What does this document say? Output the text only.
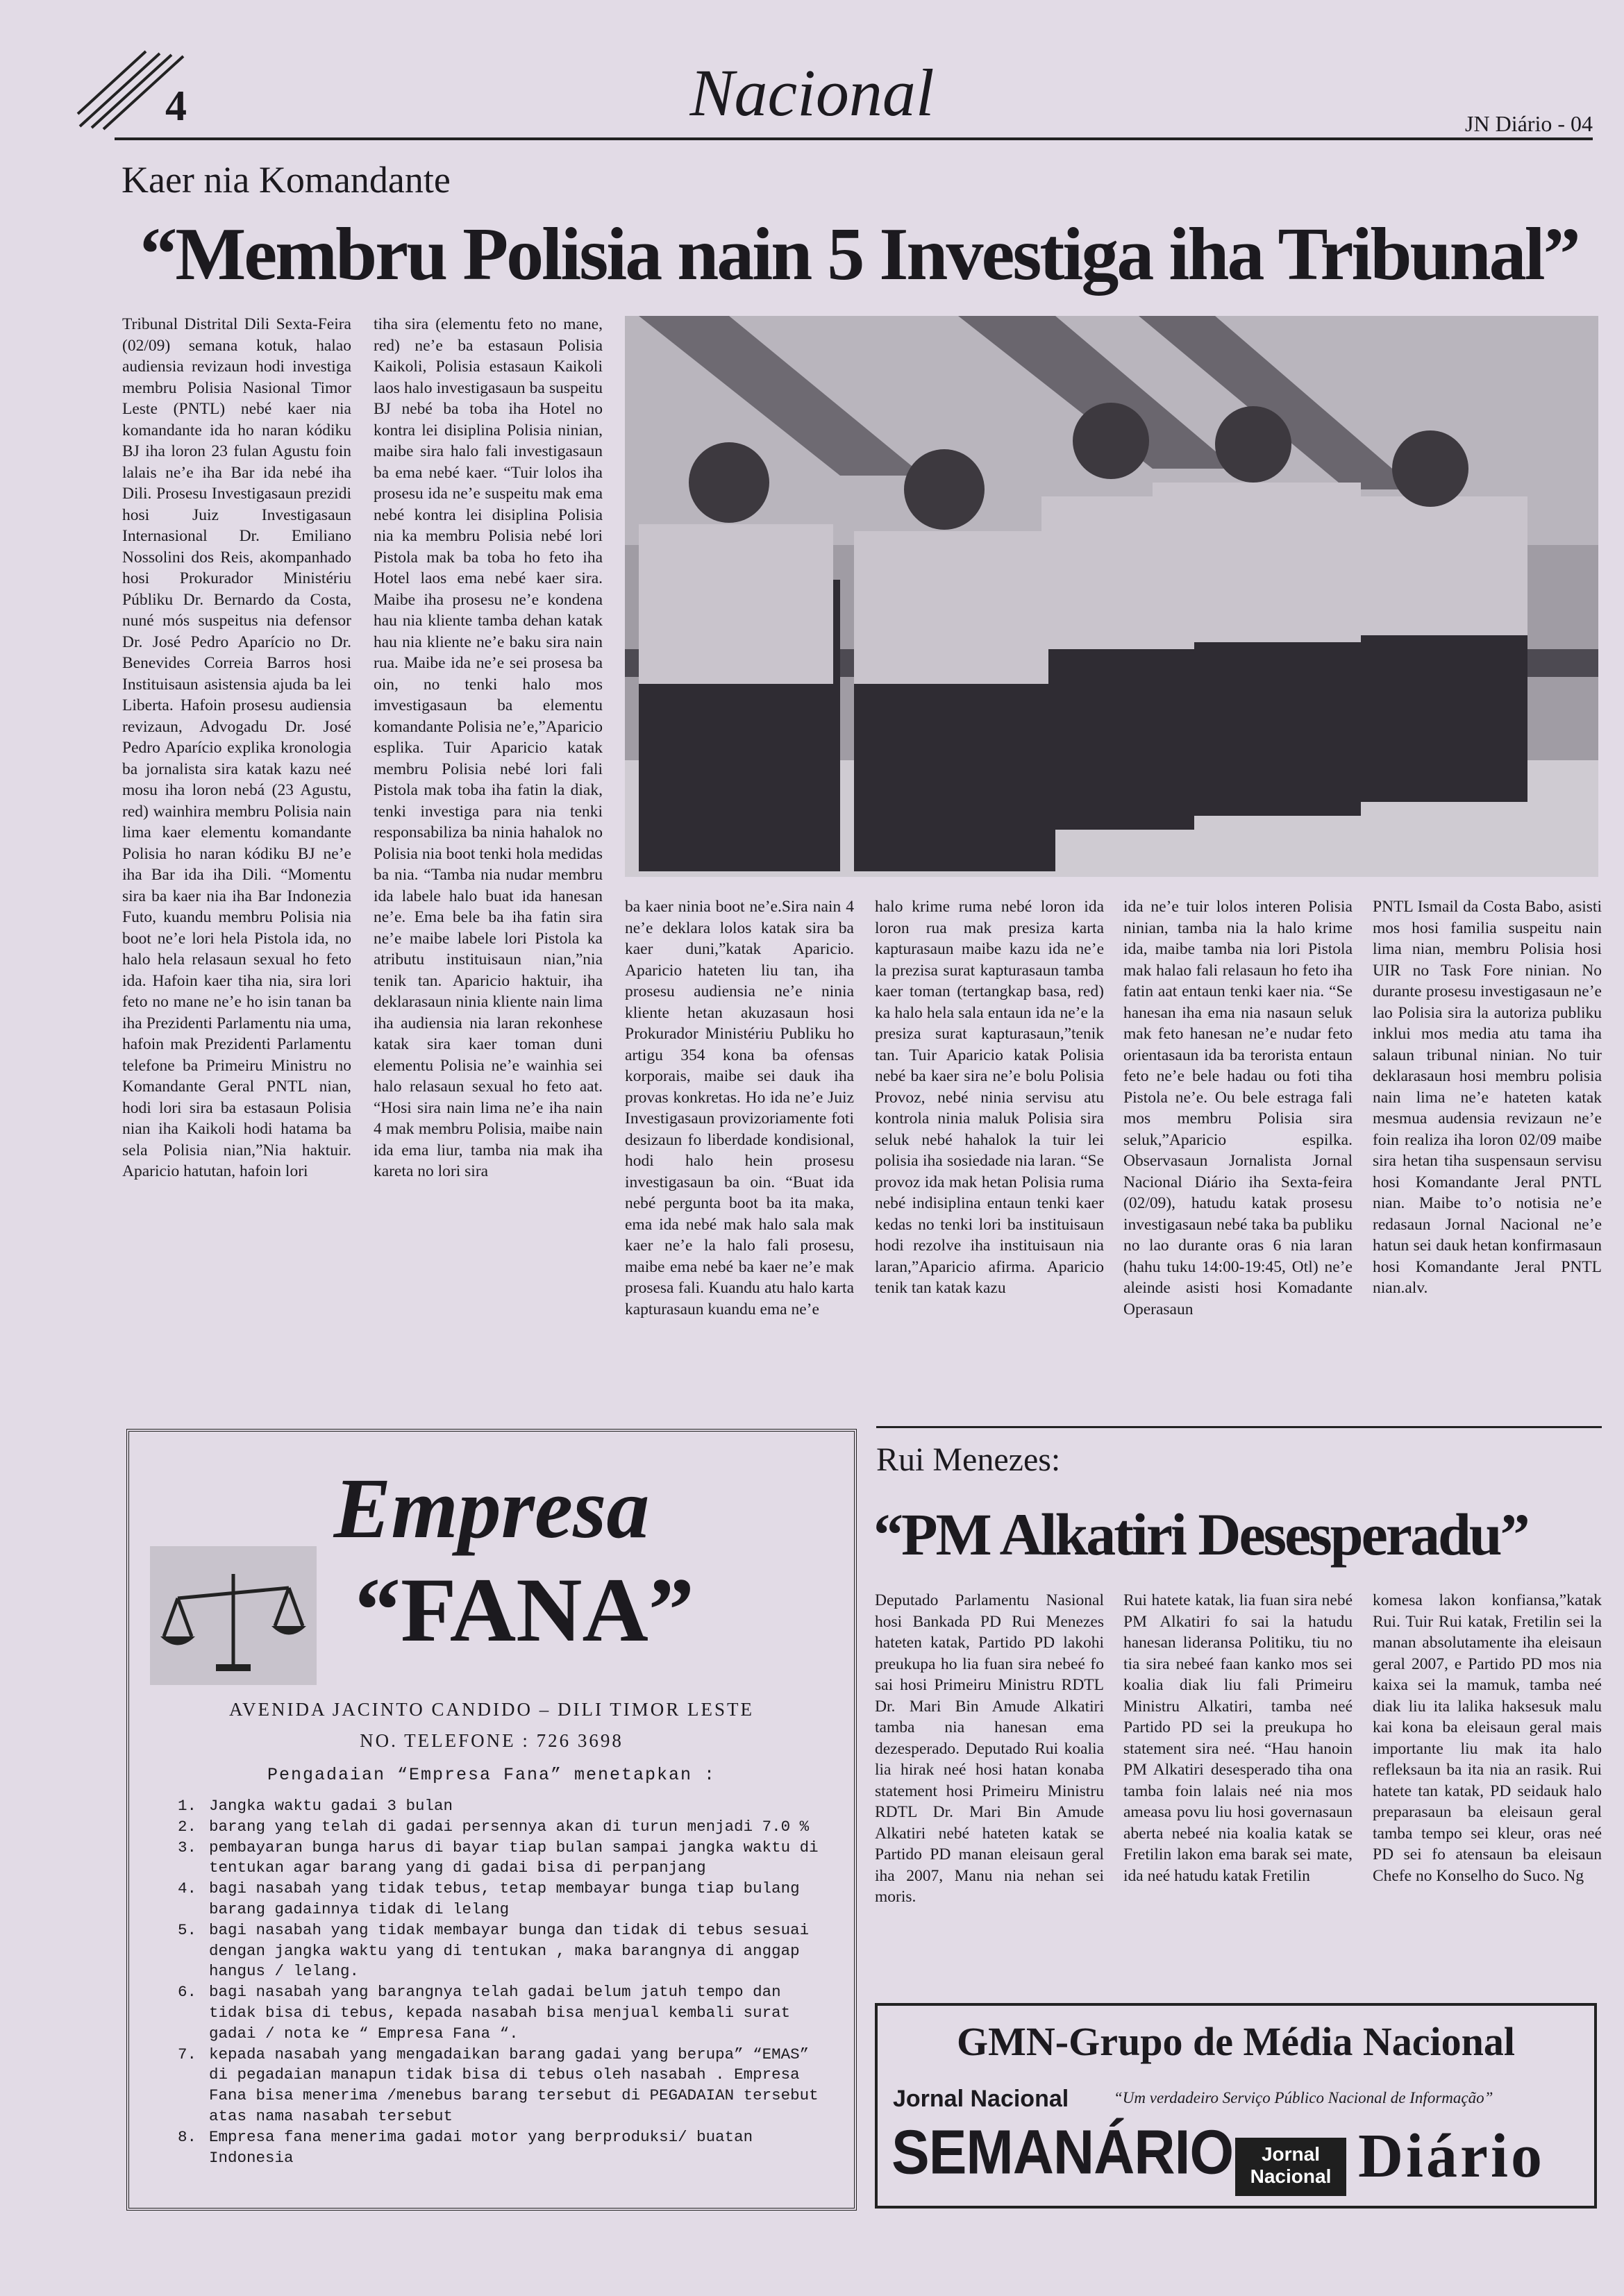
4	Nacional	JN Diário - 04
Kaer nia Komandante
“Membru Polisia nain 5 Investiga iha Tribunal”
Tribunal Distrital Dili Sexta-Feira (02/09) semana kotuk, halao audiensia revizaun hodi investiga membru Polisia Nasional Timor Leste (PNTL) nebé kaer nia komandante ida ho naran kódiku BJ iha loron 23 fulan Agustu foin lalais ne’e iha Bar ida nebé iha Dili. Prosesu Investigasaun prezidi hosi Juiz Investigasaun Internasional Dr. Emiliano Nossolini dos Reis, akompanhado hosi Prokurador Ministériu Públiku Dr. Bernardo da Costa, nuné mós suspeitus nia defensor Dr. José Pedro Aparício no Dr. Benevides Correia Barros hosi Instituisaun asistensia ajuda ba lei Liberta. Hafoin prosesu audiensia revizaun, Advogadu Dr. José Pedro Aparício explika kronologia ba jornalista sira katak kazu neé mosu iha loron nebá (23 Agustu, red) wainhira membru Polisia nain lima kaer elementu komandante Polisia ho naran kódiku BJ ne’e iha Bar ida iha Dili. “Momentu sira ba kaer nia iha Bar Indonezia Futo, kuandu membru Polisia nia boot ne’e lori hela Pistola ida, no halo hela relasaun sexual ho feto ida. Hafoin kaer tiha nia, sira lori feto no mane ne’e ho isin tanan ba iha Prezidenti Parlamentu nia uma, hafoin mak Prezidenti Parlamentu telefone ba Primeiru Ministru no Komandante Geral PNTL nian, hodi lori sira ba estasaun Polisia nian iha Kaikoli hodi hatama ba sela Polisia nian,”Nia haktuir. Aparicio hatutan, hafoin lori
tiha sira (elementu feto no mane, red) ne’e ba estasaun Polisia Kaikoli, Polisia estasaun Kaikoli laos halo investigasaun ba suspeitu BJ nebé ba toba iha Hotel no kontra lei disiplina Polisia ninian, maibe sira halo fali investigasaun ba ema nebé kaer. “Tuir lolos iha prosesu ida ne’e suspeitu mak ema nebé kontra lei disiplina Polisia nia ka membru Polisia nebé lori Pistola mak ba toba ho feto iha Hotel laos ema nebé kaer sira. Maibe iha prosesu ne’e kondena hau nia kliente tamba dehan katak hau nia kliente ne’e baku sira nain rua. Maibe ida ne’e sei prosesa ba oin, no tenki halo mos imvestigasaun ba elementu komandante Polisia ne’e,”Aparicio esplika. Tuir Aparicio katak membru Polisia nebé lori fali Pistola mak toba iha fatin la diak, tenki investiga para nia tenki responsabiliza ba ninia hahalok no Polisia nia boot tenki hola medidas ba nia. “Tamba nia nudar membru ida labele halo buat ida hanesan ne’e. Ema bele ba iha fatin sira ne’e maibe labele lori Pistola ka atributu instituisaun nian,”nia tenik tan. Aparicio haktuir, iha deklarasaun ninia kliente nain lima iha audiensia nia laran rekonhese katak sira kaer toman duni elementu Polisia ne’e wainhia sei halo relasaun sexual ho feto aat. “Hosi sira nain lima ne’e iha nain 4 mak membru Polisia, maibe nain ida ema liur, tamba nia mak iha kareta no lori sira
ba kaer ninia boot ne’e.Sira nain 4 ne’e deklara lolos katak sira ba kaer duni,”katak Aparicio. Aparicio hateten liu tan, iha prosesu audiensia ne’e ninia kliente hetan akuzasaun hosi Prokurador Ministériu Publiku ho artigu 354 kona ba ofensas korporais, maibe sei dauk iha provas konkretas. Ho ida ne’e Juiz Investigasaun provizoriamente foti desizaun fo liberdade kondisional, hodi halo hein prosesu investigasaun ba oin. “Buat ida nebé pergunta boot ba ita maka, ema ida nebé mak halo sala mak kaer ne’e la halo fali prosesu, maibe ema nebé ba kaer ne’e mak prosesa fali. Kuandu atu halo karta kapturasaun kuandu ema ne’e
halo krime ruma nebé loron ida loron rua mak presiza karta kapturasaun maibe kazu ida ne’e la prezisa surat kapturasaun tamba kaer toman (tertangkap basa, red) ka halo hela sala entaun ida ne’e la presiza surat kapturasaun,”tenik tan. Tuir Aparicio katak Polisia nebé ba kaer sira ne’e bolu Polisia Provoz, nebé ninia servisu atu kontrola ninia maluk Polisia sira seluk nebé hahalok la tuir lei polisia iha sosiedade nia laran. “Se provoz ida mak hetan Polisia ruma nebé indisiplina entaun tenki kaer kedas no tenki lori ba instituisaun hodi rezolve iha instituisaun nia laran,”Aparicio afirma. Aparicio tenik tan katak kazu
ida ne’e tuir lolos interen Polisia ninian, tamba nia la halo krime ida, maibe tamba nia lori Pistola mak halao fali relasaun ho feto iha fatin aat entaun tenki kaer nia. “Se hanesan iha ema nia nasaun seluk mak feto hanesan ne’e nudar feto orientasaun ida ba terorista entaun feto ne’e bele hadau ou foti tiha Pistola ne’e. Ou bele estraga fali mos membru Polisia sira seluk,”Aparicio espilka. Observasaun Jornalista Jornal Nacional Diário iha Sexta-feira (02/09), hatudu katak prosesu investigasaun nebé taka ba publiku no lao durante oras 6 nia laran (hahu tuku 14:00-19:45, Otl) ne’e aleinde asisti hosi Komadante Operasaun
PNTL Ismail da Costa Babo, asisti mos hosi familia suspeitu nain lima nian, membru Polisia hosi UIR no Task Fore ninian. No durante prosesu investigasaun ne’e lao Polisia sira la autoriza publiku inklui mos media atu tama iha salaun tribunal ninian. No tuir deklarasaun hosi membru polisia nain lima ne’e hateten katak mesmua audensia revizaun ne’e foin realiza iha loron 02/09 maibe sira hetan tiha suspensaun servisu hosi Komandante Jeral PNTL nian. Maibe to’o notisia ne’e redasaun Jornal Nacional ne’e hatun sei dauk hetan konfirmasaun hosi Komandante Jeral PNTL nian.alv.
Empresa
“FANA”
AVENIDA JACINTO CANDIDO – DILI TIMOR LESTE
NO. TELEFONE : 726 3698
Pengadaian “Empresa Fana” menetapkan :
1. Jangka waktu gadai 3 bulan
2. barang yang telah di gadai persennya akan di turun menjadi 7.0 %
3. pembayaran bunga harus di bayar tiap bulan sampai jangka waktu di tentukan agar barang yang di gadai bisa di perpanjang
4. bagi nasabah yang tidak tebus, tetap membayar bunga tiap bulang barang gadainnya tidak di lelang
5. bagi nasabah yang tidak membayar bunga dan tidak di tebus sesuai dengan jangka waktu yang di tentukan , maka barangnya di anggap hangus / lelang.
6. bagi nasabah yang barangnya telah gadai belum jatuh tempo dan tidak bisa di tebus, kepada nasabah bisa menjual kembali surat gadai / nota ke “ Empresa Fana “.
7. kepada nasabah yang mengadaikan barang gadai yang berupa” “EMAS” di pegadaian manapun tidak bisa di tebus oleh nasabah . Empresa Fana bisa menerima /menebus barang tersebut di PEGADAIAN tersebut atas nama nasabah tersebut
8. Empresa fana menerima gadai motor yang berproduksi/ buatan Indonesia
Rui Menezes:
“PM Alkatiri Desesperadu”
Deputado Parlamentu Nasional hosi Bankada PD Rui Menezes hateten katak, Partido PD lakohi preukupa ho lia fuan sira nebeé fo sai hosi Primeiru Ministru RDTL Dr. Mari Bin Amude Alkatiri tamba nia hanesan ema dezesperado. Deputado Rui koalia lia hirak neé hosi hatan konaba statement hosi Primeiru Ministru RDTL Dr. Mari Bin Amude Alkatiri nebé hateten katak se Partido PD manan eleisaun geral iha 2007, Manu nia nehan sei moris.
Rui hatete katak, lia fuan sira nebé PM Alkatiri fo sai la hatudu hanesan lideransa Politiku, tiu no tia sira nebeé faan kanko mos sei koalia diak liu fali Primeiru Ministru Alkatiri, tamba neé Partido PD sei la preukupa ho statement sira neé. “Hau hanoin PM Alkatiri desesperado tiha ona tamba foin lalais neé nia mos ameasa povu liu hosi governasaun aberta nebeé nia koalia katak se Fretilin lakon ema barak sei mate, ida neé hatudu katak Fretilin
komesa lakon konfiansa,”katak Rui. Tuir Rui katak, Fretilin sei la manan absolutamente iha eleisaun geral 2007, e Partido PD mos nia kaixa sei la mamuk, tamba neé diak liu ita lalika haksesuk malu kai kona ba eleisaun geral mais importante liu mak ita halo refleksaun ba ita nia an rasik. Rui hatete tan katak, PD seidauk halo preparasaun ba eleisaun geral tamba tempo sei kleur, oras neé PD sei fo atensaun ba eleisaun Chefe no Konselho do Suco. Ng
GMN-Grupo de Média Nacional
Jornal Nacional	“Um verdadeiro Serviço Público Nacional de Informação”
SEMANÁRIO	Jornal Nacional Diário
